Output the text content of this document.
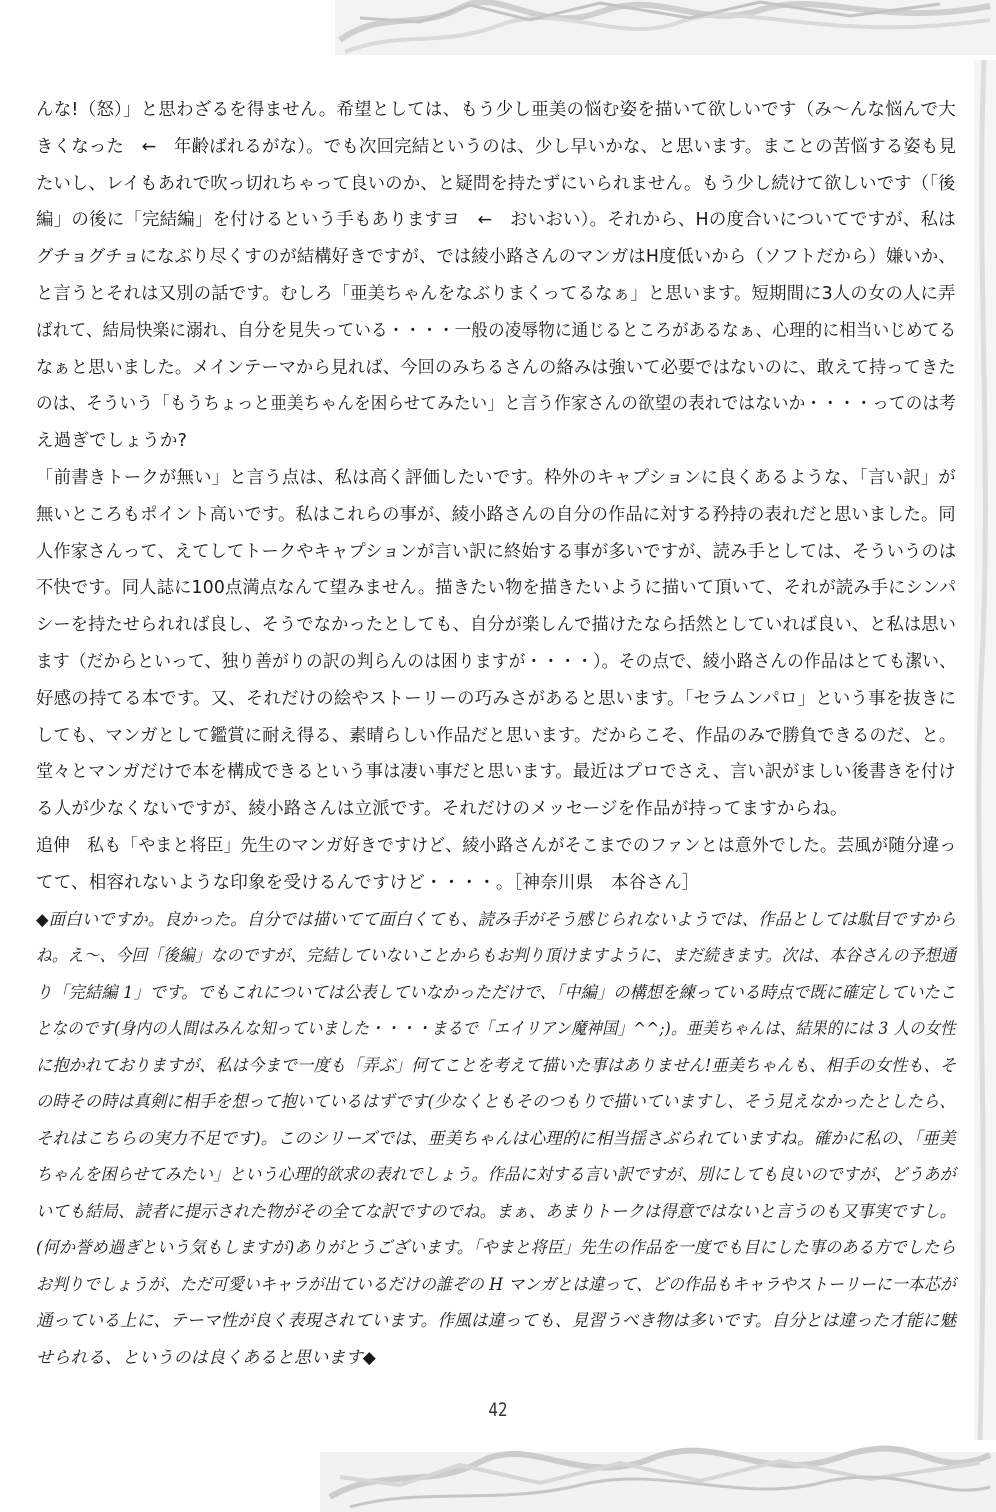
んな!（怒）」と思わざるを得ません。希望としては、もう少し亜美の悩む姿を描いて欲しいです（み～んな悩んで大

きくなった　←　年齢ばれるがな）。でも次回完結というのは、少し早いかな、と思います。まことの苦悩する姿も見

たいし、レイもあれで吹っ切れちゃって良いのか、と疑問を持たずにいられません。もう少し続けて欲しいです（「後

編」の後に「完結編」を付けるという手もありますヨ　←　おいおい）。それから、Hの度合いについてですが、私は

グチョグチョになぶり尽くすのが結構好きですが、では綾小路さんのマンガはH度低いから（ソフトだから）嫌いか、

と言うとそれは又別の話です。むしろ「亜美ちゃんをなぶりまくってるなぁ」と思います。短期間に3人の女の人に弄

ばれて、結局快楽に溺れ、自分を見失っている・・・・一般の凌辱物に通じるところがあるなぁ、心理的に相当いじめてる

なぁと思いました。メインテーマから見れば、今回のみちるさんの絡みは強いて必要ではないのに、敢えて持ってきた

のは、そういう「もうちょっと亜美ちゃんを困らせてみたい」と言う作家さんの欲望の表れではないか・・・・ってのは考

え過ぎでしょうか?

「前書きトークが無い」と言う点は、私は高く評価したいです。枠外のキャプションに良くあるような、「言い訳」が

無いところもポイント高いです。私はこれらの事が、綾小路さんの自分の作品に対する矜持の表れだと思いました。同

人作家さんって、えてしてトークやキャプションが言い訳に終始する事が多いですが、読み手としては、そういうのは

不快です。同人誌に100点満点なんて望みません。描きたい物を描きたいように描いて頂いて、それが読み手にシンパ

シーを持たせられれば良し、そうでなかったとしても、自分が楽しんで描けたなら括然としていれば良い、と私は思い

ます（だからといって、独り善がりの訳の判らんのは困りますが・・・・）。その点で、綾小路さんの作品はとても潔い、

好感の持てる本です。又、それだけの絵やストーリーの巧みさがあると思います。「セラムンパロ」という事を抜きに

しても、マンガとして鑑賞に耐え得る、素晴らしい作品だと思います。だからこそ、作品のみで勝負できるのだ、と。

堂々とマンガだけで本を構成できるという事は凄い事だと思います。最近はプロでさえ、言い訳がましい後書きを付け

る人が少なくないですが、綾小路さんは立派です。それだけのメッセージを作品が持ってますからね。

追伸　私も「やまと将臣」先生のマンガ好きですけど、綾小路さんがそこまでのファンとは意外でした。芸風が随分違っ

てて、相容れないような印象を受けるんですけど・・・・。［神奈川県　本谷さん］

◆面白いですか。良かった。自分では描いてて面白くても、読み手がそう感じられないようでは、作品としては駄目ですから

ね。え～、今回「後編」なのですが、完結していないことからもお判り頂けますように、まだ続きます。次は、本谷さんの予想通

り「完結編 1」です。でもこれについては公表していなかっただけで、「中編」の構想を練っている時点で既に確定していたこ

となのです(身内の人間はみんな知っていました・・・・まるで「エイリアン魔神国」^^;)。亜美ちゃんは、結果的には 3 人の女性

に抱かれておりますが、私は今まで一度も「弄ぶ」何てことを考えて描いた事はありません!亜美ちゃんも、相手の女性も、そ

の時その時は真剣に相手を想って抱いているはずです(少なくともそのつもりで描いていますし、そう見えなかったとしたら、

それはこちらの実力不足です)。このシリーズでは、亜美ちゃんは心理的に相当揺さぶられていますね。確かに私の、「亜美

ちゃんを困らせてみたい」という心理的欲求の表れでしょう。作品に対する言い訳ですが、別にしても良いのですが、どうあが

いても結局、読者に提示された物がその全てな訳ですのでね。まぁ、あまりトークは得意ではないと言うのも又事実ですし。

(何か誉め過ぎという気もしますが)ありがとうございます。「やまと将臣」先生の作品を一度でも目にした事のある方でしたら

お判りでしょうが、ただ可愛いキャラが出ているだけの誰ぞの H マンガとは違って、どの作品もキャラやストーリーに一本芯が

通っている上に、テーマ性が良く表現されています。作風は違っても、見習うべき物は多いです。自分とは違った才能に魅

せられる、というのは良くあると思います◆

42
